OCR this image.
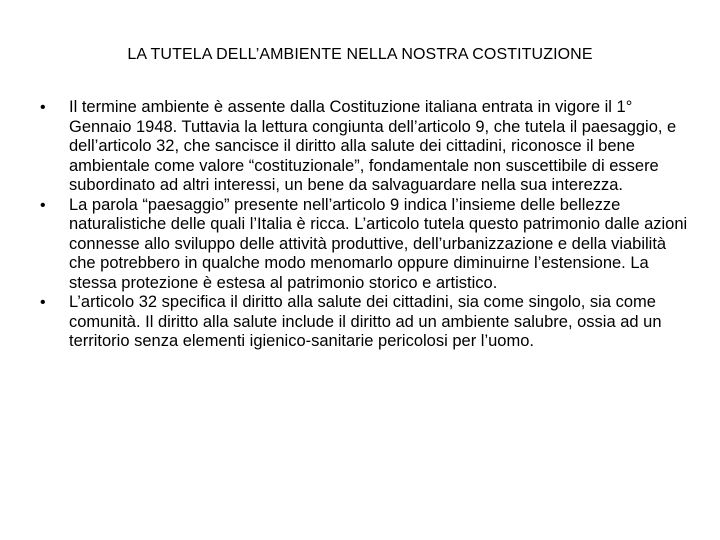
LA TUTELA DELL’AMBIENTE NELLA NOSTRA COSTITUZIONE
• Il termine ambiente è assente dalla Costituzione italiana entrata in vigore il 1° Gennaio 1948. Tuttavia la lettura congiunta dell’articolo 9, che tutela il paesaggio, e dell’articolo 32, che sancisce il diritto alla salute dei cittadini, riconosce il bene ambientale come valore “costituzionale”, fondamentale non suscettibile di essere subordinato ad altri interessi, un bene da salvaguardare nella sua interezza.
• La parola “paesaggio” presente nell’articolo 9 indica l’insieme delle bellezze naturalistiche delle quali l’Italia è ricca. L’articolo tutela questo patrimonio dalle azioni connesse allo sviluppo delle attività produttive, dell’urbanizzazione e della viabilità che potrebbero in qualche modo menomarlo oppure diminuirne l’estensione. La stessa protezione è estesa al patrimonio storico e artistico.
• L’articolo 32 specifica il diritto alla salute dei cittadini, sia come singolo, sia come comunità. Il diritto alla salute include il diritto ad un ambiente salubre, ossia ad un territorio senza elementi igienico-sanitarie pericolosi per l’uomo.
